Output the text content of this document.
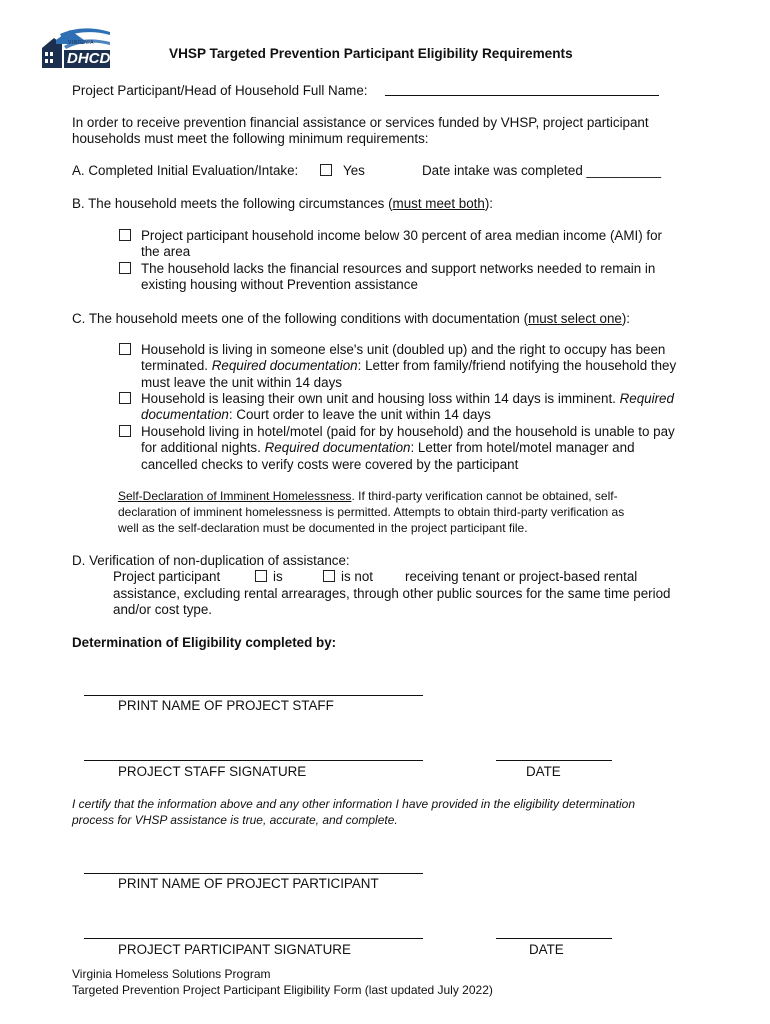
VIRGINIA
DHCD	VHSP Targeted Prevention Participant Eligibility Requirements
Project Participant/Head of Household Full Name:
In order to receive prevention financial assistance or services funded by VHSP, project participant
households must meet the following minimum requirements:
A. Completed Initial Evaluation/Intake:	Yes	Date intake was completed __________
B. The household meets the following circumstances (must meet both):
Project participant household income below 30 percent of area median income (AMI) for
the area
The household lacks the financial resources and support networks needed to remain in
existing housing without Prevention assistance
C. The household meets one of the following conditions with documentation (must select one):
Household is living in someone else's unit (doubled up) and the right to occupy has been
terminated. Required documentation: Letter from family/friend notifying the household they
must leave the unit within 14 days
Household is leasing their own unit and housing loss within 14 days is imminent. Required
documentation: Court order to leave the unit within 14 days
Household living in hotel/motel (paid for by household) and the household is unable to pay
for additional nights. Required documentation: Letter from hotel/motel manager and
cancelled checks to verify costs were covered by the participant
Self-Declaration of Imminent Homelessness. If third-party verification cannot be obtained, self-
declaration of imminent homelessness is permitted. Attempts to obtain third-party verification as
well as the self-declaration must be documented in the project participant file.
D. Verification of non-duplication of assistance:
Project participant	is	is not receiving tenant or project-based rental
assistance, excluding rental arrearages, through other public sources for the same time period
and/or cost type.
Determination of Eligibility completed by:
PRINT NAME OF PROJECT STAFF
PROJECT STAFF SIGNATURE	DATE
I certify that the information above and any other information I have provided in the eligibility determination
process for VHSP assistance is true, accurate, and complete.
PRINT NAME OF PROJECT PARTICIPANT
PROJECT PARTICIPANT SIGNATURE	DATE
Virginia Homeless Solutions Program
Targeted Prevention Project Participant Eligibility Form (last updated July 2022)
